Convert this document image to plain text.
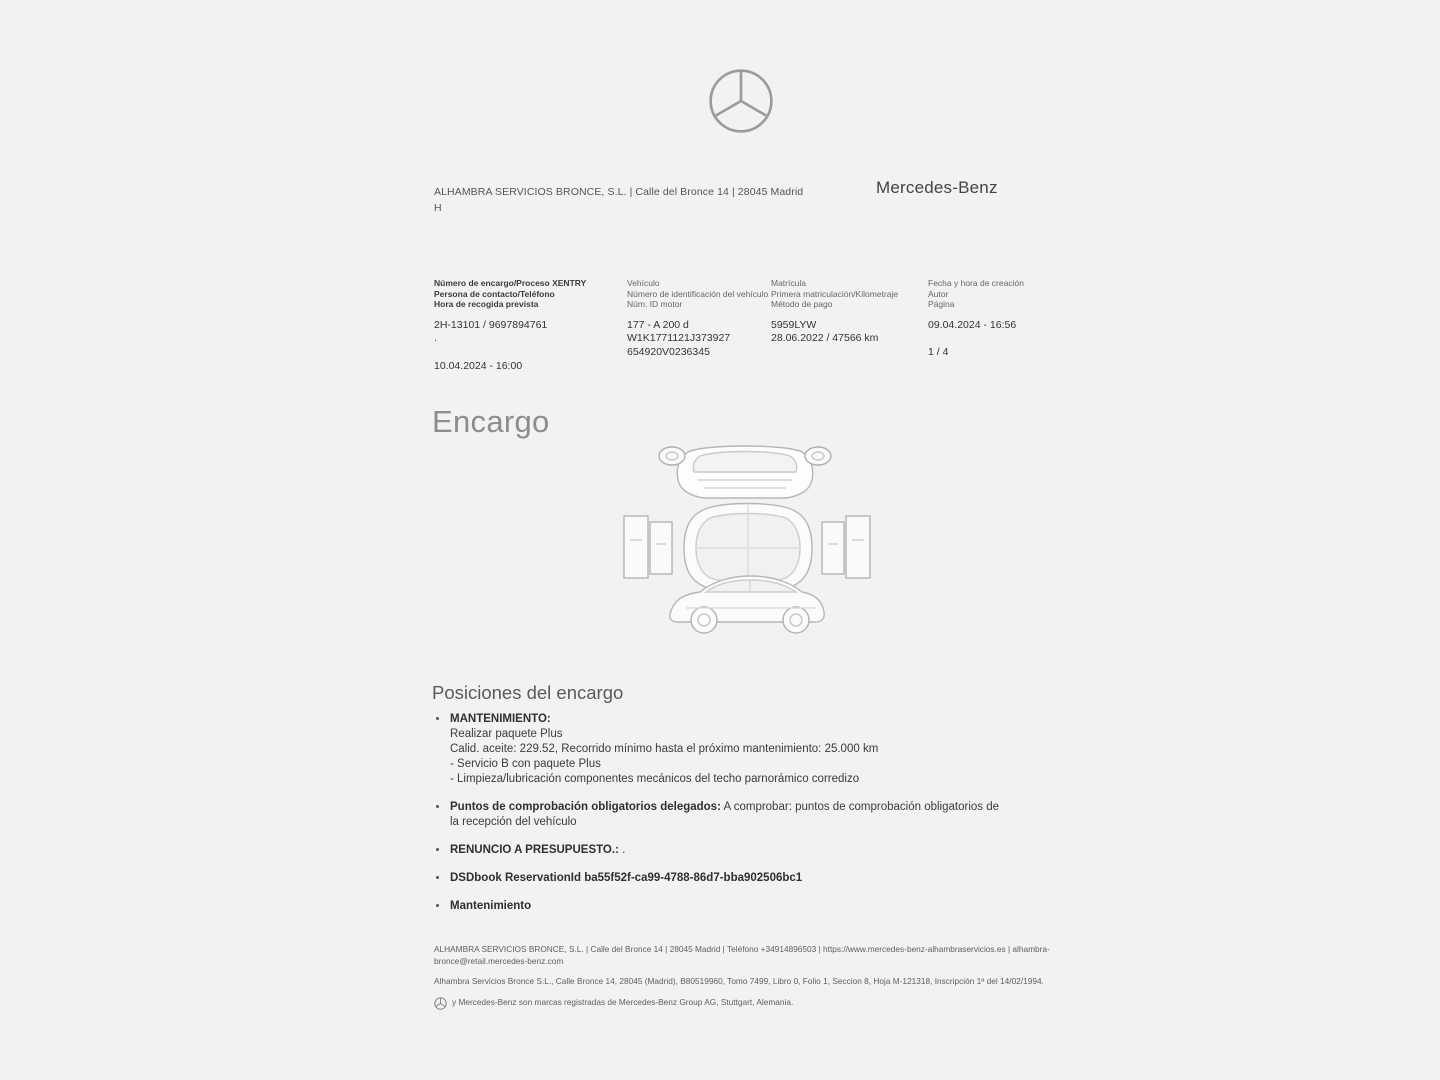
Mercedes-Benz
ALHAMBRA SERVICIOS BRONCE, S.L. | Calle del Bronce 14 | 28045 Madrid
H
Número de encargo/Proceso XENTRY
Persona de contacto/Teléfono
Hora de recogida prevista
2H-13101 / 9697894761
.

10.04.2024 - 16:00
Vehículo
Número de identificación del vehículo
Núm. ID motor
177 - A 200 d
W1K1771121J373927
654920V0236345
Matrícula
Primera matriculación/Kilometraje
Método de pago
5959LYW
28.06.2022 / 47566 km
Fecha y hora de creación
Autor
Página
09.04.2024 - 16:56

1 / 4
Encargo
Posiciones del encargo
MANTENIMIENTO:
Realizar paquete Plus
Calid. aceite: 229.52, Recorrido mínimo hasta el próximo mantenimiento: 25.000 km
- Servicio B con paquete Plus
- Limpieza/lubricación componentes mecánicos del techo parnorámico corredizo
Puntos de comprobación obligatorios delegados: A comprobar: puntos de comprobación obligatorios de la recepción del vehículo
RENUNCIO A PRESUPUESTO.: .
DSDbook ReservationId ba55f52f-ca99-4788-86d7-bba902506bc1
Mantenimiento

ALHAMBRA SERVICIOS BRONCE, S.L. | Calle del Bronce 14 | 28045 Madrid | Teléfono +34914896503 | https://www.mercedes-benz-alhambraservicios.es | alhambra-bronce@retail.mercedes-benz.com

Alhambra Servicios Bronce S.L., Calle Bronce 14, 28045 (Madrid), B80519960, Tomo 7499, Libro 0, Folio 1, Seccion 8, Hoja M-121318, Inscripción 1ª del 14/02/1994.

y Mercedes-Benz son marcas registradas de Mercedes-Benz Group AG, Stuttgart, Alemania.
